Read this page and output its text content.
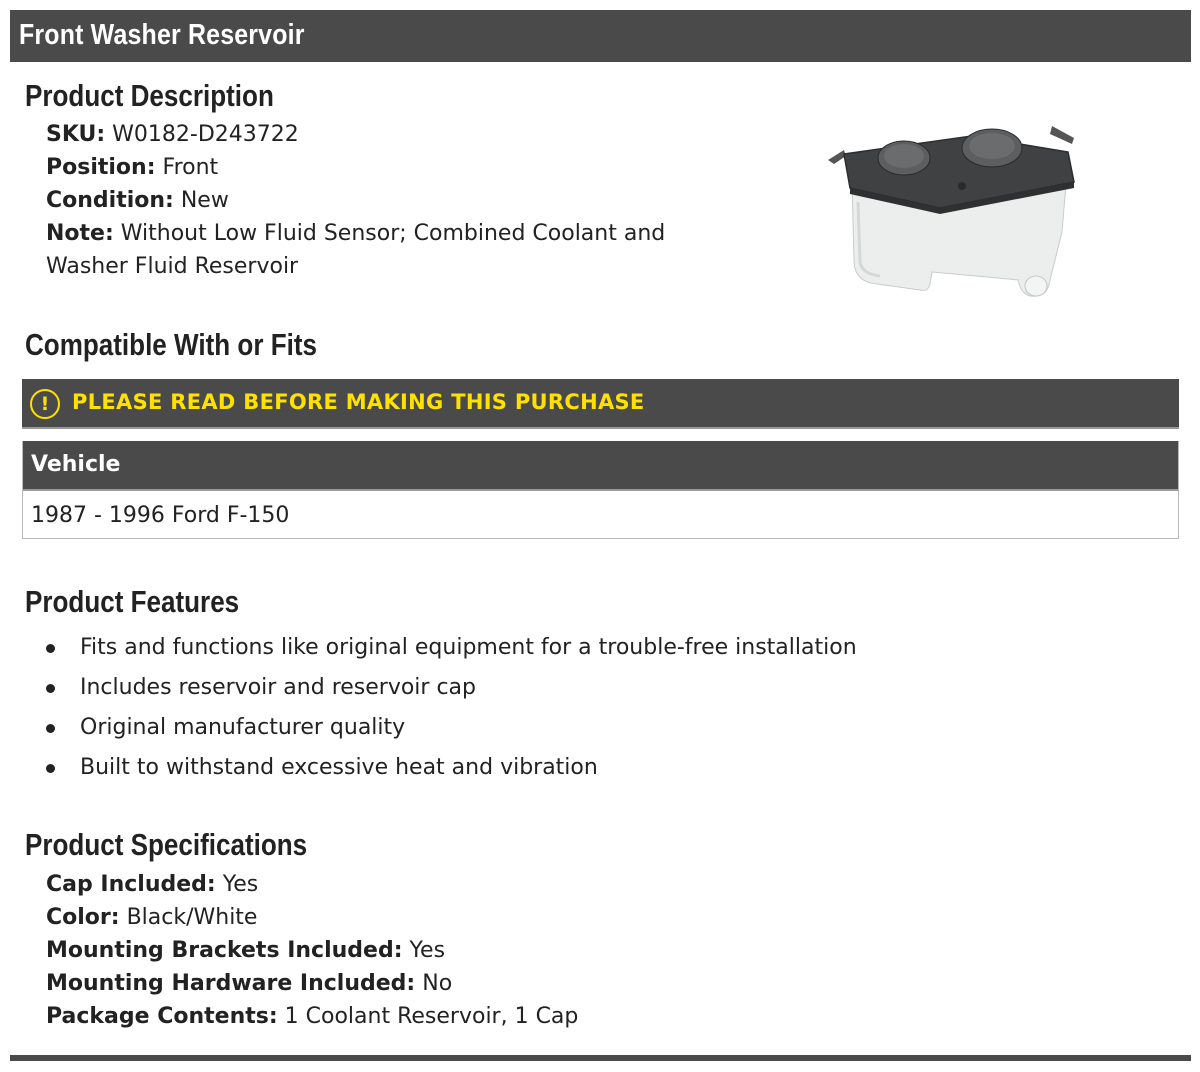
Front Washer Reservoir
Product Description
SKU: W0182-D243722
Position: Front
Condition: New
Note: Without Low Fluid Sensor; Combined Coolant and Washer Fluid Reservoir
Compatible With or Fits
!	PLEASE READ BEFORE MAKING THIS PURCHASE
Vehicle
1987 - 1996 Ford F-150
Product Features
Fits and functions like original equipment for a trouble-free installation
Includes reservoir and reservoir cap
Original manufacturer quality
Built to withstand excessive heat and vibration
Product Specifications
Cap Included: Yes
Color: Black/White
Mounting Brackets Included: Yes
Mounting Hardware Included: No
Package Contents: 1 Coolant Reservoir, 1 Cap
